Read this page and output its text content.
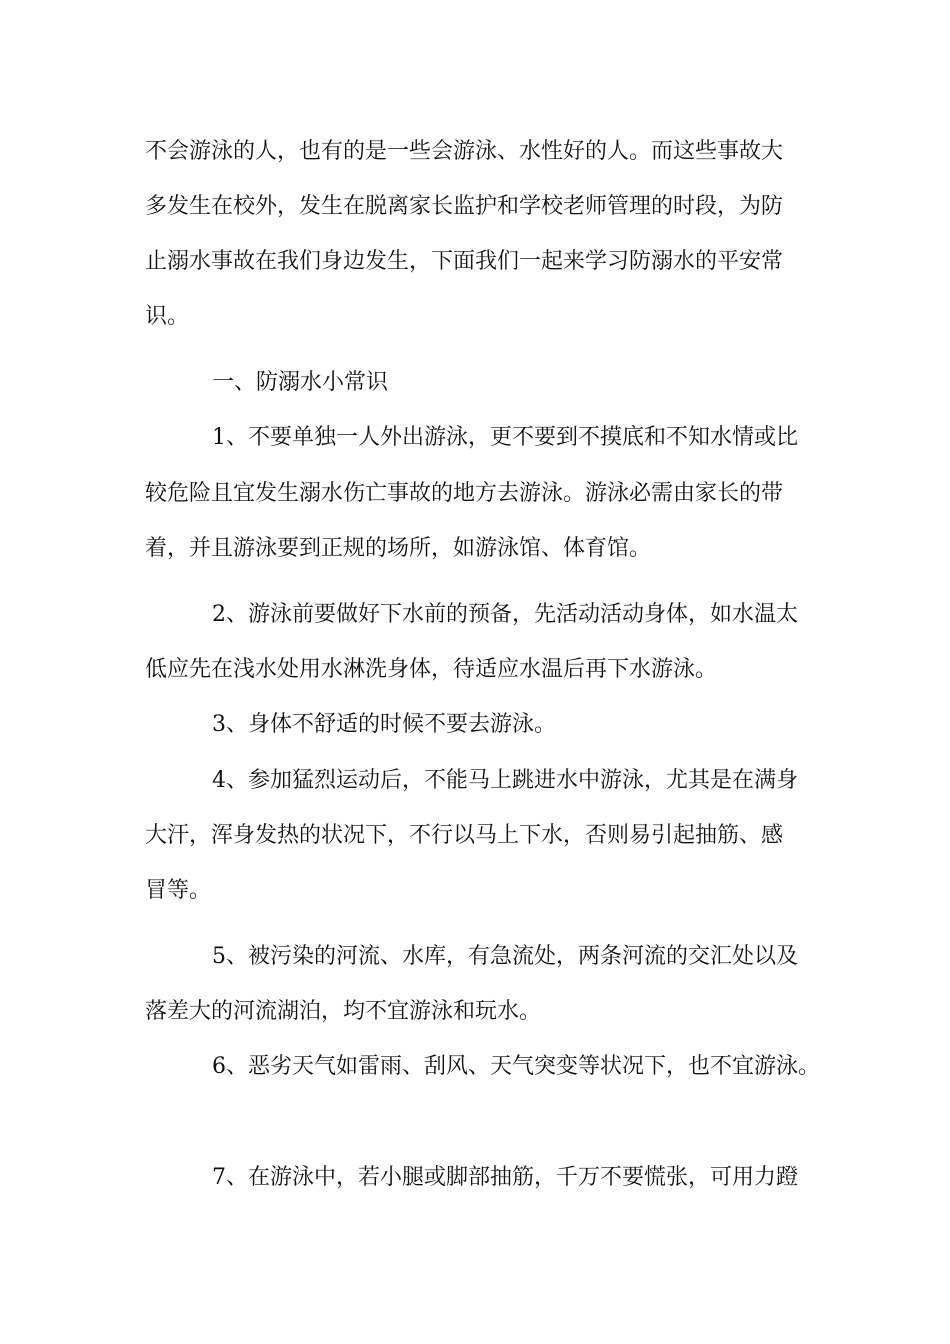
不会游泳的人，也有的是一些会游泳、水性好的人。而这些事故大
多发生在校外，发生在脱离家长监护和学校老师管理的时段，为防
止溺水事故在我们身边发生，下面我们一起来学习防溺水的平安常
识。
一、防溺水小常识
1、不要单独一人外出游泳，更不要到不摸底和不知水情或比
较危险且宜发生溺水伤亡事故的地方去游泳。游泳必需由家长的带
着，并且游泳要到正规的场所，如游泳馆、体育馆。
2、游泳前要做好下水前的预备，先活动活动身体，如水温太
低应先在浅水处用水淋洗身体，待适应水温后再下水游泳。
3、身体不舒适的时候不要去游泳。
4、参加猛烈运动后，不能马上跳进水中游泳，尤其是在满身
大汗，浑身发热的状况下，不行以马上下水，否则易引起抽筋、感
冒等。
5、被污染的河流、水库，有急流处，两条河流的交汇处以及
落差大的河流湖泊，均不宜游泳和玩水。
6、恶劣天气如雷雨、刮风、天气突变等状况下，也不宜游泳。
7、在游泳中，若小腿或脚部抽筋，千万不要慌张，可用力蹬
